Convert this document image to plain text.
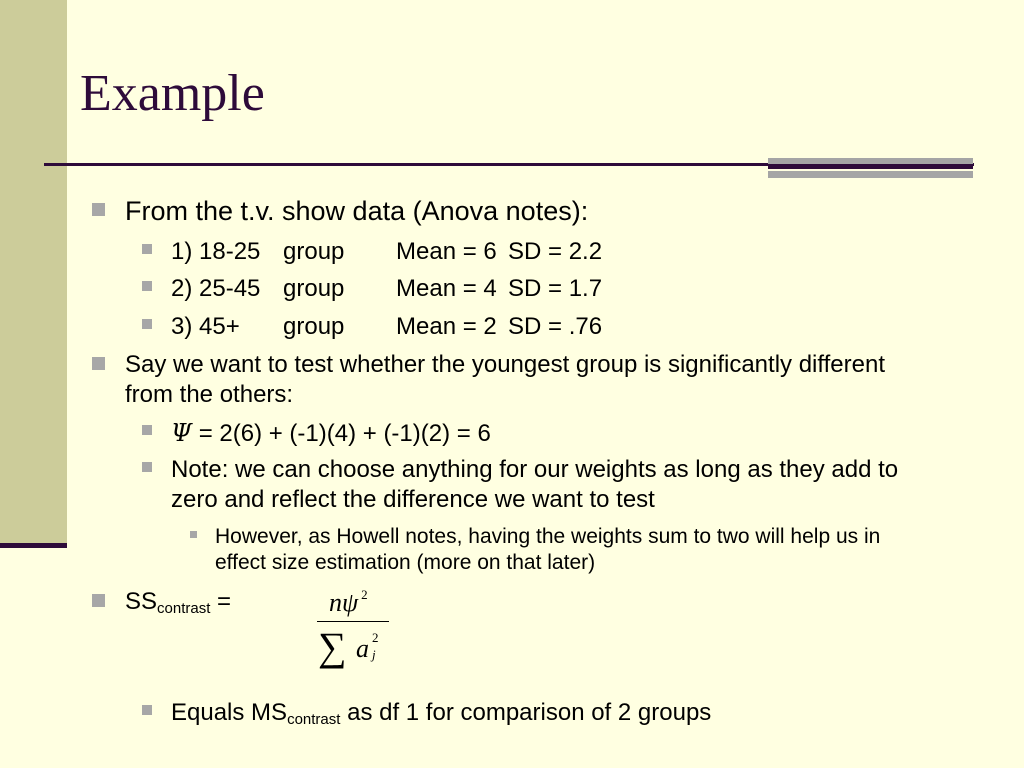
Example
From the t.v. show data (Anova notes):
1) 18-25 group	Mean = 6 SD = 2.2
2) 25-45 group	Mean = 4 SD = 1.7
3) 45+	group	Mean = 2 SD = .76
Say we want to test whether the youngest group is significantly different from the others:
Ψ = 2(6) + (-1)(4) + (-1)(2) = 6
Note: we can choose anything for our weights as long as they add to zero and reflect the difference we want to test
However, as Howell notes, having the weights sum to two will help us in effect size estimation (more on that later)
$SS_{contrast}$ =	nψ $^2$
∑ a 2
j
Equals $MS_{contrast}$ as df 1 for comparison of 2 groups
